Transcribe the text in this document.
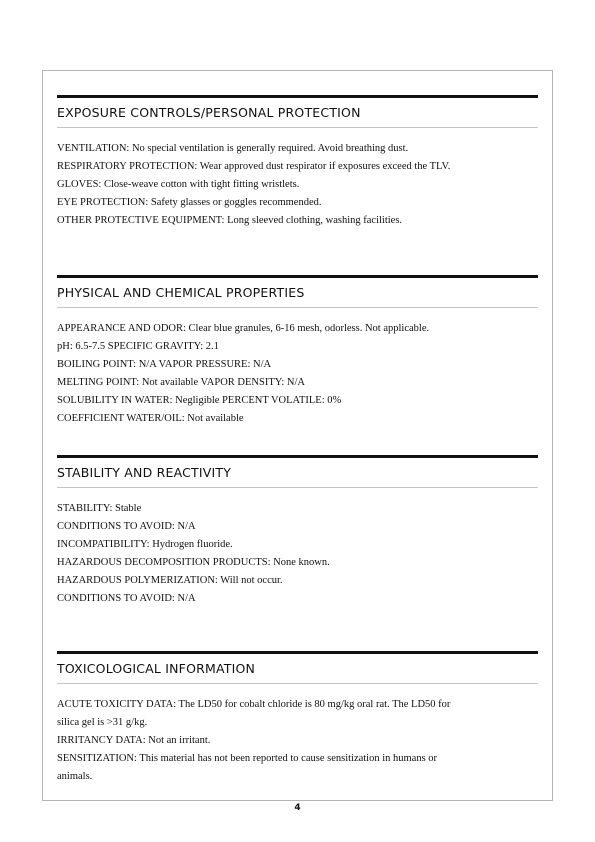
EXPOSURE CONTROLS/PERSONAL PROTECTION
VENTILATION: No special ventilation is generally required. Avoid breathing dust.
RESPIRATORY PROTECTION: Wear approved dust respirator if exposures exceed the TLV.
GLOVES: Close-weave cotton with tight fitting wristlets.
EYE PROTECTION: Safety glasses or goggles recommended.
OTHER PROTECTIVE EQUIPMENT: Long sleeved clothing, washing facilities.
PHYSICAL AND CHEMICAL PROPERTIES
APPEARANCE AND ODOR: Clear blue granules, 6-16 mesh, odorless. Not applicable.
pH: 6.5-7.5 SPECIFIC GRAVITY: 2.1
BOILING POINT: N/A VAPOR PRESSURE: N/A
MELTING POINT: Not available VAPOR DENSITY: N/A
SOLUBILITY IN WATER: Negligible PERCENT VOLATILE: 0%
COEFFICIENT WATER/OIL: Not available
STABILITY AND REACTIVITY
STABILITY: Stable
CONDITIONS TO AVOID: N/A
INCOMPATIBILITY: Hydrogen fluoride.
HAZARDOUS DECOMPOSITION PRODUCTS: None known.
HAZARDOUS POLYMERIZATION: Will not occur.
CONDITIONS TO AVOID: N/A
TOXICOLOGICAL INFORMATION
ACUTE TOXICITY DATA: The LD50 for cobalt chloride is 80 mg/kg oral rat. The LD50 for
silica gel is >31 g/kg.
IRRITANCY DATA: Not an irritant.
SENSITIZATION: This material has not been reported to cause sensitization in humans or
animals.
4
